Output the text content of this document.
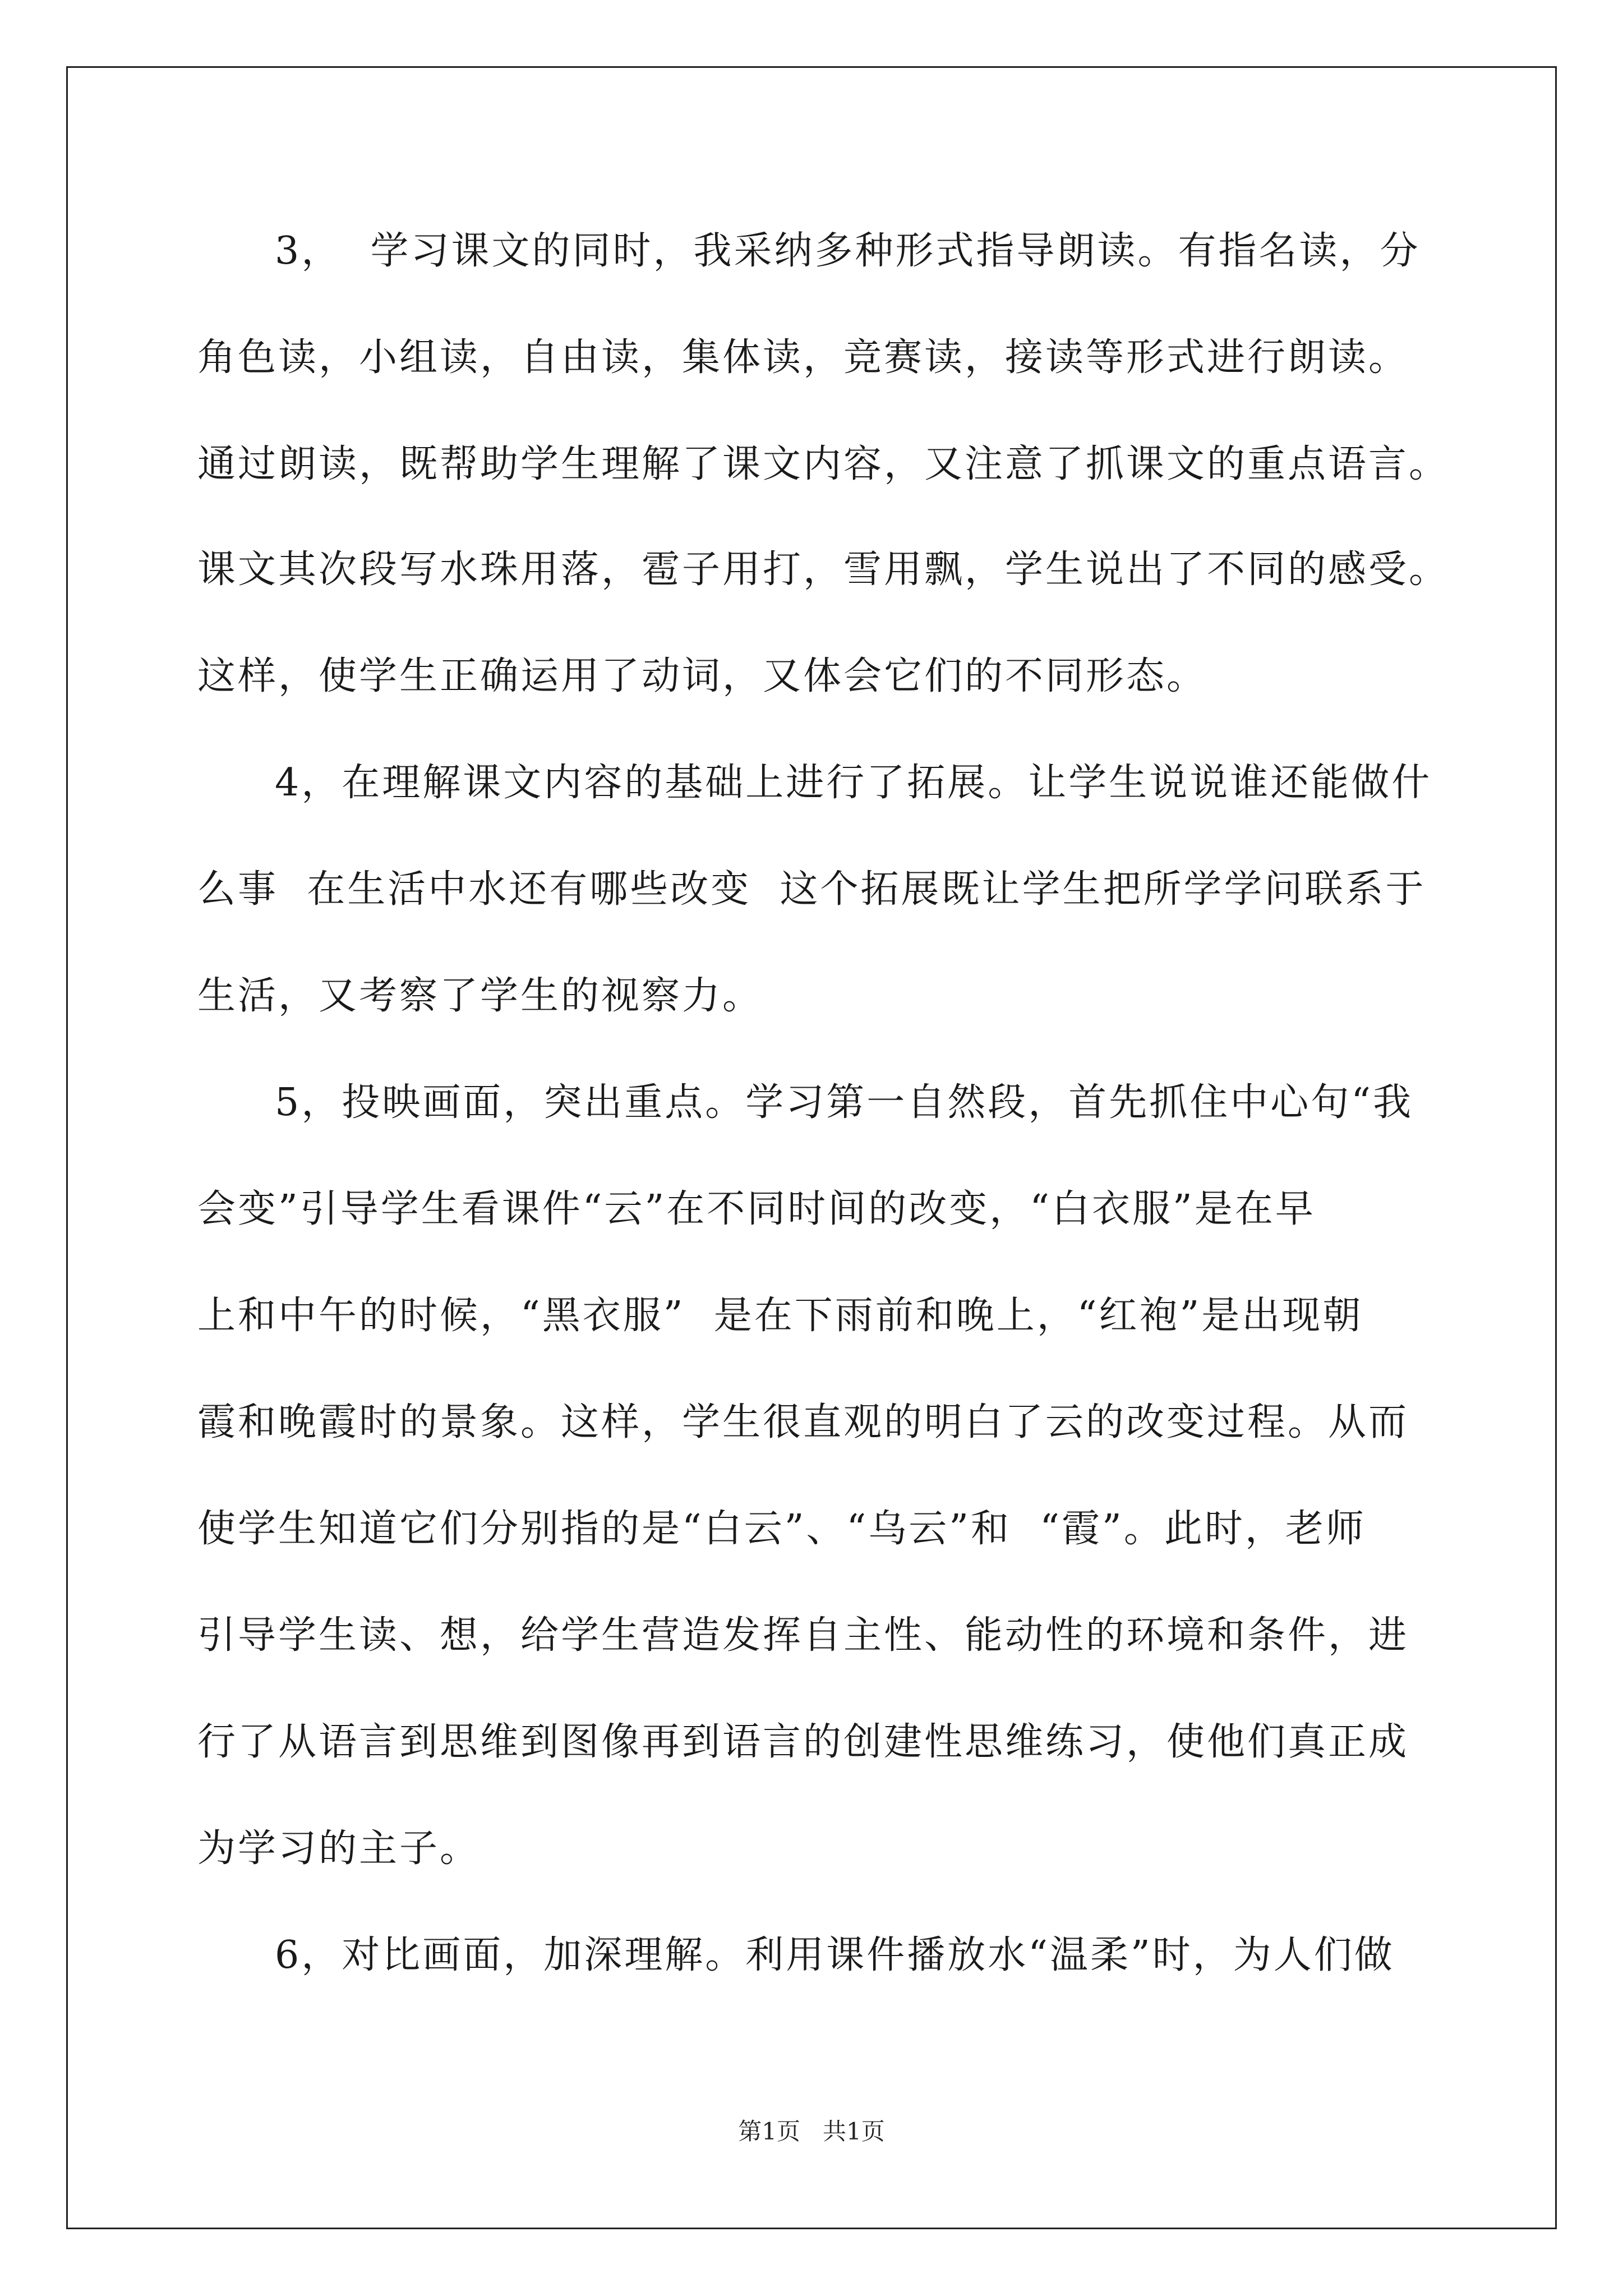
3，  学习课文的同时，我采纳多种形式指导朗读。有指名读，分
角色读，小组读，自由读，集体读，竞赛读，接读等形式进行朗读。
通过朗读，既帮助学生理解了课文内容，又注意了抓课文的重点语言。
课文其次段写水珠用落，雹子用打，雪用飘，学生说出了不同的感受。
这样，使学生正确运用了动词，又体会它们的不同形态。
4，在理解课文内容的基础上进行了拓展。让学生说说谁还能做什
么事  在生活中水还有哪些改变  这个拓展既让学生把所学学问联系于
生活，又考察了学生的视察力。
5，投映画面，突出重点。学习第一自然段，首先抓住中心句“我
会变”引导学生看课件“云”在不同时间的改变，“白衣服”是在早
上和中午的时候，“黑衣服”  是在下雨前和晚上，“红袍”是出现朝
霞和晚霞时的景象。这样，学生很直观的明白了云的改变过程。从而
使学生知道它们分别指的是“白云”、“乌云”和  “霞”。此时，老师
引导学生读、想，给学生营造发挥自主性、能动性的环境和条件，进
行了从语言到思维到图像再到语言的创建性思维练习，使他们真正成
为学习的主子。
6，对比画面，加深理解。利用课件播放水“温柔”时，为人们做
第1页   共1页
